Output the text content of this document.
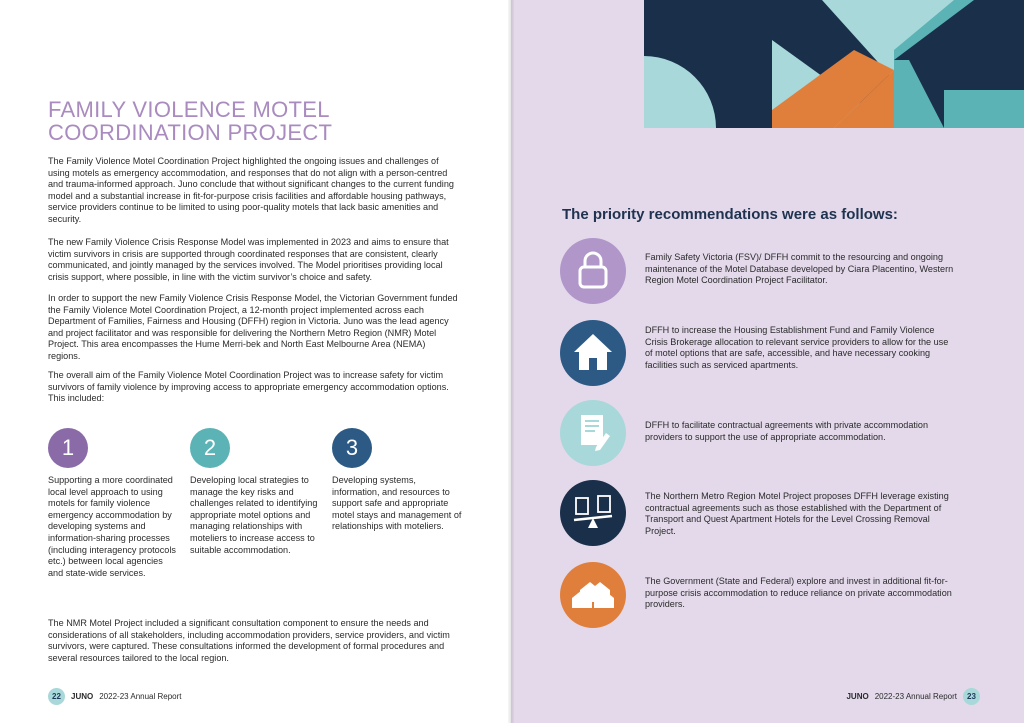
FAMILY VIOLENCE MOTEL COORDINATION PROJECT

The Family Violence Motel Coordination Project highlighted the ongoing issues and challenges of using motels as emergency accommodation, and responses that do not align with a person-centred and trauma-informed approach. Juno conclude that without significant changes to the current funding model and a substantial increase in fit-for-purpose crisis facilities and affordable housing pathways, service providers continue to be limited to using poor-quality motels that lack basic amenities and security.

The new Family Violence Crisis Response Model was implemented in 2023 and aims to ensure that victim survivors in crisis are supported through coordinated responses that are consistent, clearly communicated, and jointly managed by the services involved. The Model prioritises providing local crisis support, where possible, in line with the victim survivor’s choice and safety.

In order to support the new Family Violence Crisis Response Model, the Victorian Government funded the Family Violence Motel Coordination Project, a 12-month project implemented across each Department of Families, Fairness and Housing (DFFH) region in Victoria. Juno was the lead agency and project facilitator and was responsible for delivering the Northern Metro Region (NMR) Motel Project. This area encompasses the Hume Merri-bek and North East Melbourne Area (NEMA) regions.

The overall aim of the Family Violence Motel Coordination Project was to increase safety for victim survivors of family violence by improving access to appropriate emergency accommodation options. This included:

1	2	3

Supporting a more coordinated local level approach to using motels for family violence emergency accommodation by developing systems and information-sharing processes (including interagency protocols etc.) between local agencies and state-wide services.

Developing local strategies to manage the key risks and challenges related to identifying appropriate motel options and managing relationships with moteliers to increase access to suitable accommodation.

Developing systems, information, and resources to support safe and appropriate motel stays and management of relationships with moteliers.

The NMR Motel Project included a significant consultation component to ensure the needs and considerations of all stakeholders, including accommodation providers, service providers, and victim survivors, were captured. These consultations informed the development of formal procedures and several resources tailored to the local region.

22	JUNO 2022-23 Annual Report
The priority recommendations were as follows:

Family Safety Victoria (FSV)/ DFFH commit to the resourcing and ongoing maintenance of the Motel Database developed by Ciara Placentino, Western Region Motel Coordination Project Facilitator.

DFFH to increase the Housing Establishment Fund and Family Violence Crisis Brokerage allocation to relevant service providers to allow for the use of motel options that are safe, accessible, and have necessary cooking facilities such as serviced apartments.

DFFH to facilitate contractual agreements with private accommodation providers to support the use of appropriate accommodation.

The Northern Metro Region Motel Project proposes DFFH leverage existing contractual agreements such as those established with the Department of Transport and Quest Apartment Hotels for the Level Crossing Removal Project.

The Government (State and Federal) explore and invest in additional fit-for-purpose crisis accommodation to reduce reliance on private accommodation providers.

JUNO 2022-23 Annual Report	23
